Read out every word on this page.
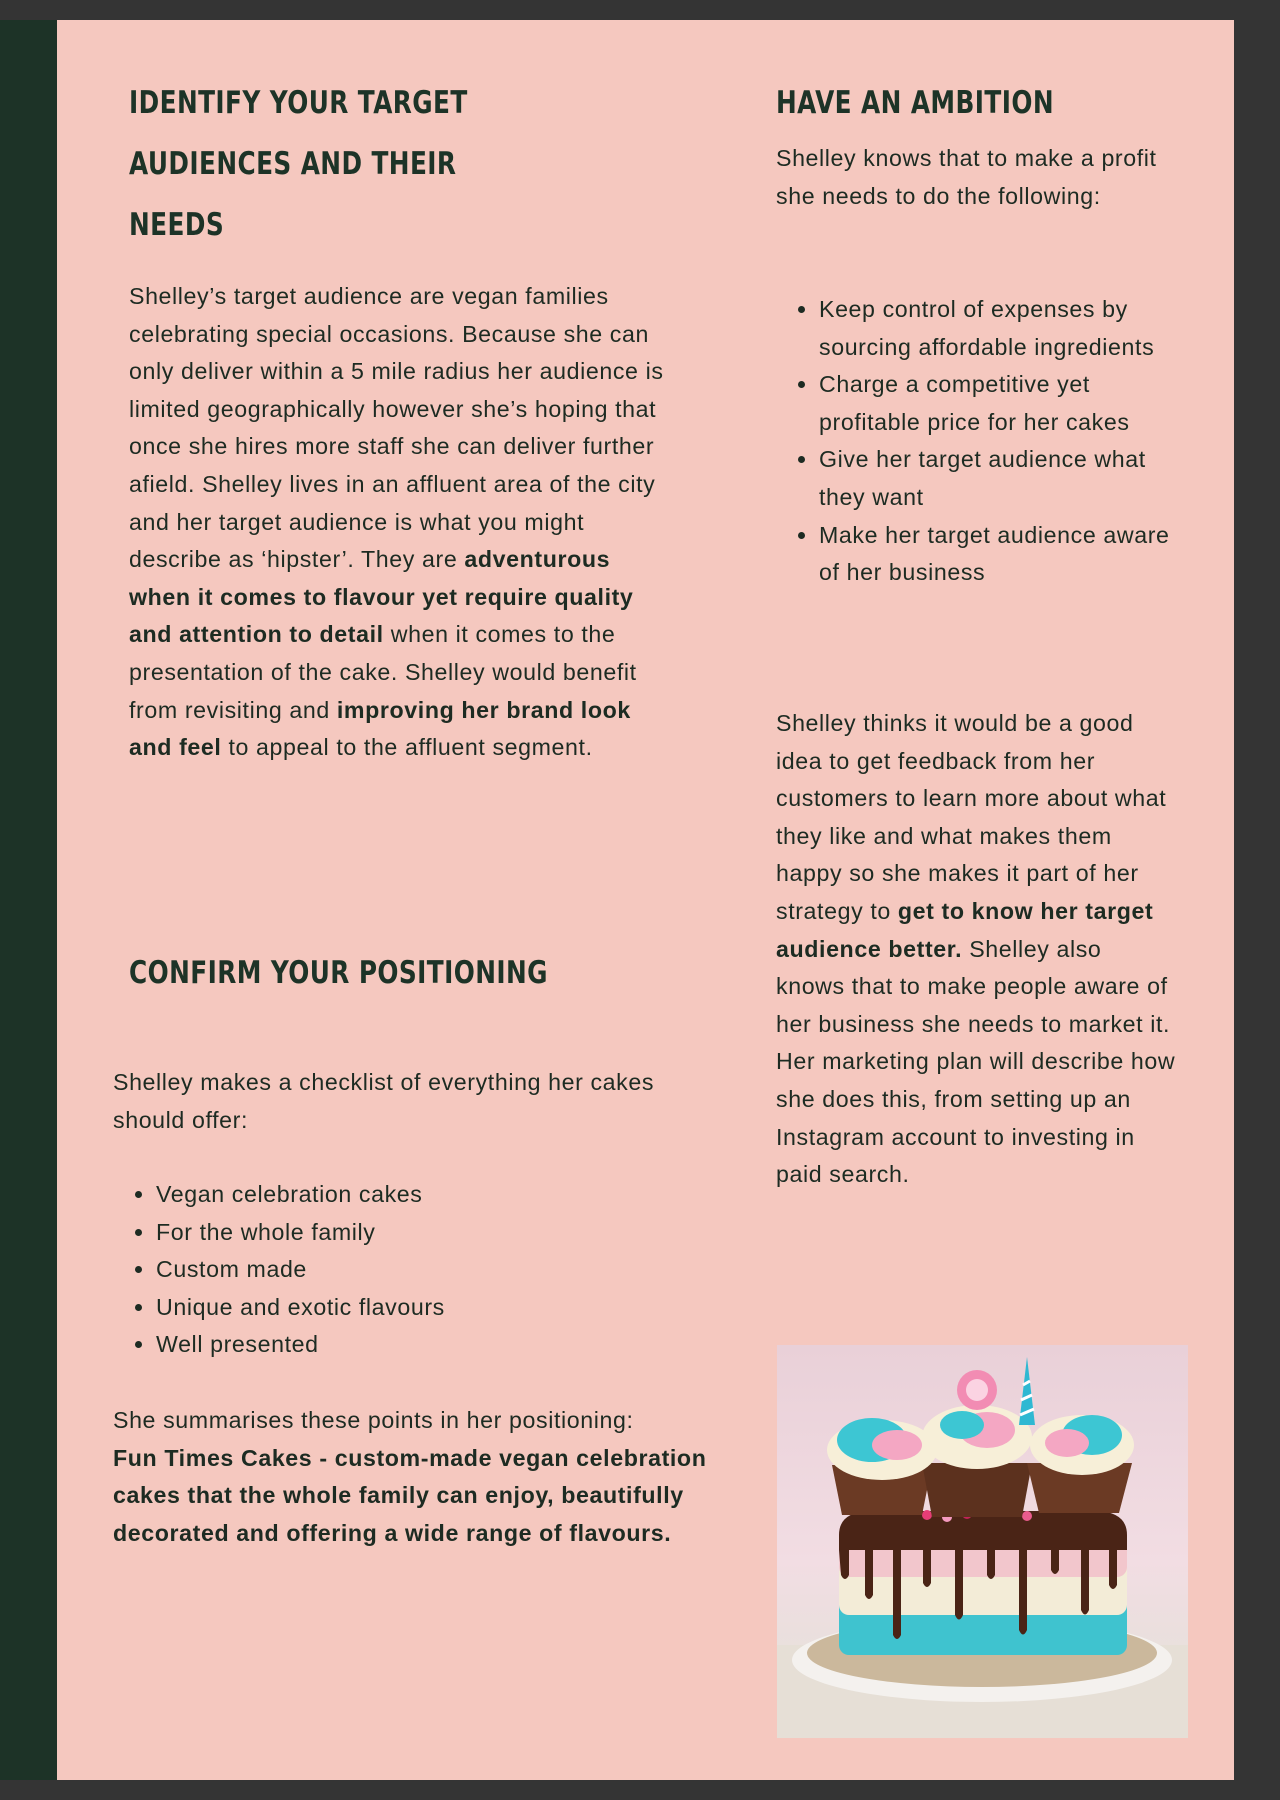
IDENTIFY YOUR TARGET
AUDIENCES AND THEIR
NEEDS

Shelley’s target audience are vegan families celebrating special occasions. Because she can only deliver within a 5 mile radius her audience is limited geographically however she’s hoping that once she hires more staff she can deliver further afield. Shelley lives in an affluent area of the city and her target audience is what you might describe as ‘hipster’. They are adventurous when it comes to flavour yet require quality and attention to detail when it comes to the presentation of the cake. Shelley would benefit from revisiting and improving her brand look and feel to appeal to the affluent segment.

CONFIRM YOUR POSITIONING

Shelley makes a checklist of everything her cakes should offer:

• Vegan celebration cakes
• For the whole family
• Custom made
• Unique and exotic flavours
• Well presented

She summarises these points in her positioning:
Fun Times Cakes - custom-made vegan celebration cakes that the whole family can enjoy, beautifully decorated and offering a wide range of flavours.

HAVE AN AMBITION

Shelley knows that to make a profit she needs to do the following:

• Keep control of expenses by sourcing affordable ingredients
• Charge a competitive yet profitable price for her cakes
• Give her target audience what they want
• Make her target audience aware of her business

Shelley thinks it would be a good idea to get feedback from her customers to learn more about what they like and what makes them happy so she makes it part of her strategy to get to know her target audience better. Shelley also knows that to make people aware of her business she needs to market it. Her marketing plan will describe how she does this, from setting up an Instagram account to investing in paid search.
